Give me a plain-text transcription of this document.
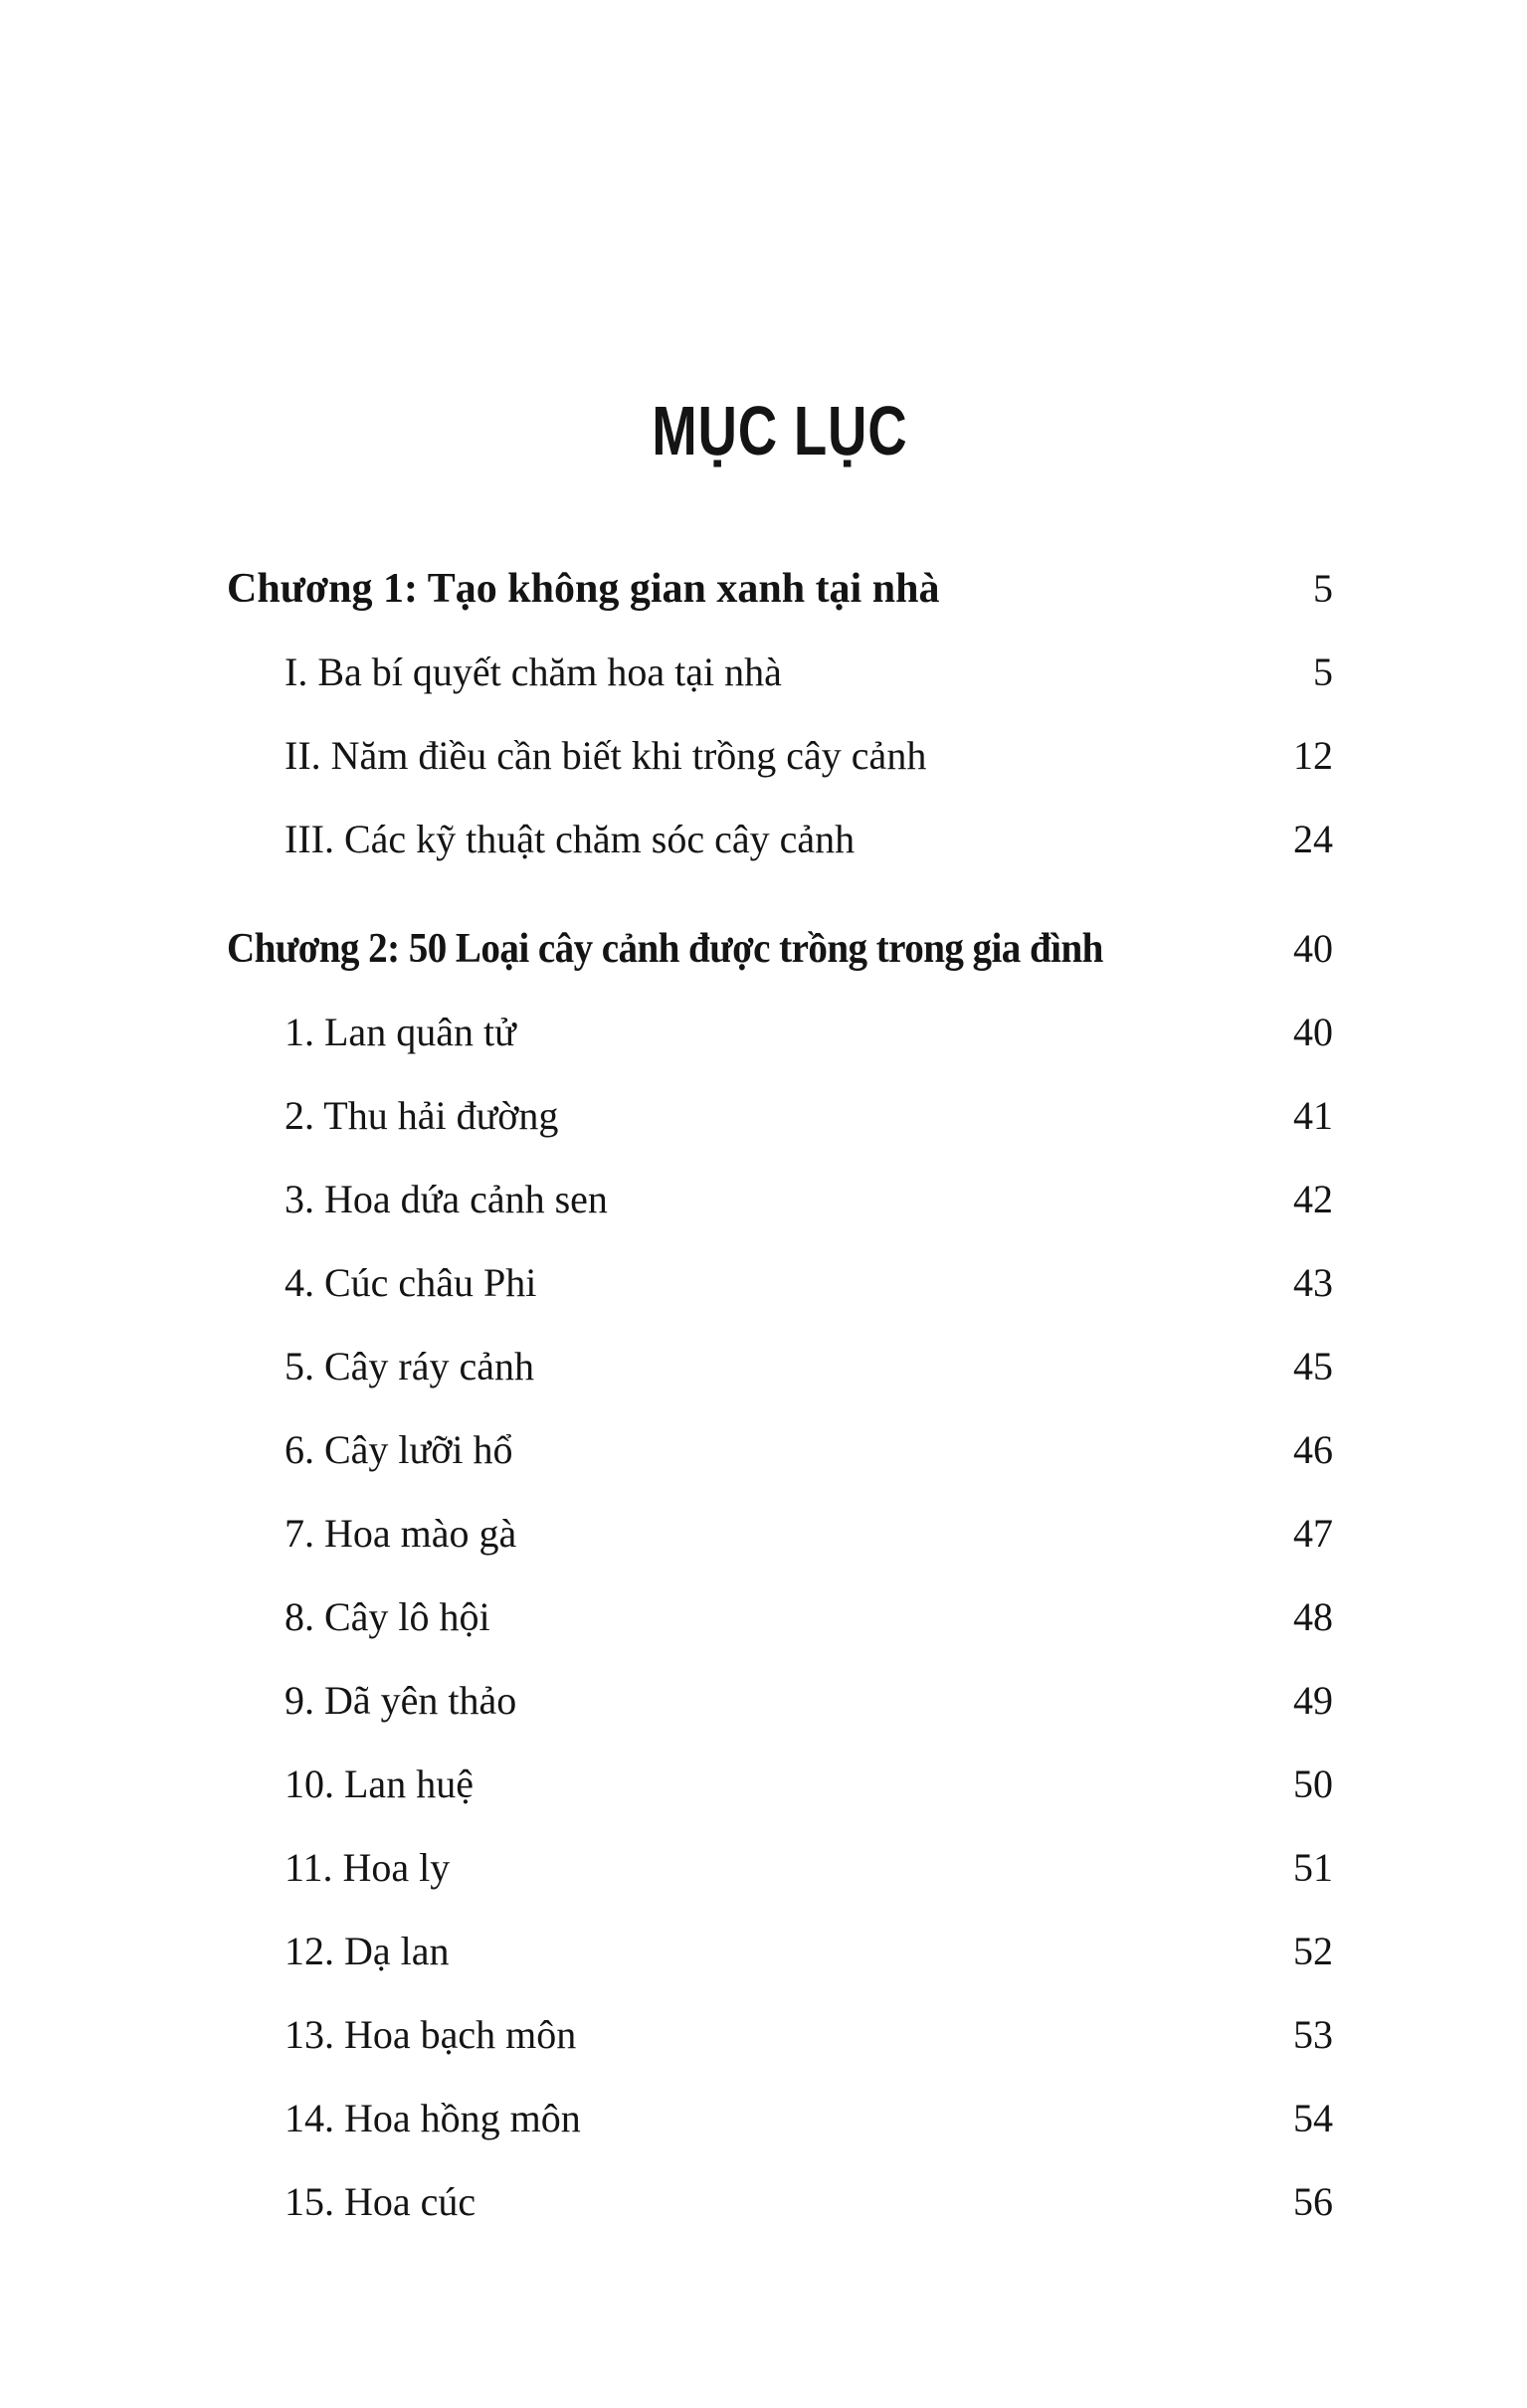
MỤC LỤC
Chương 1: Tạo không gian xanh tại nhà	5
I. Ba bí quyết chăm hoa tại nhà	5
II. Năm điều cần biết khi trồng cây cảnh	12
III. Các kỹ thuật chăm sóc cây cảnh	24
Chương 2: 50 Loại cây cảnh được trồng trong gia đình	40
1. Lan quân tử	40
2. Thu hải đường	41
3. Hoa dứa cảnh sen	42
4. Cúc châu Phi	43
5. Cây ráy cảnh	45
6. Cây lưỡi hổ	46
7. Hoa mào gà	47
8. Cây lô hội	48
9. Dã yên thảo	49
10. Lan huệ	50
11. Hoa ly	51
12. Dạ lan	52
13. Hoa bạch môn	53
14. Hoa hồng môn	54
15. Hoa cúc	56
